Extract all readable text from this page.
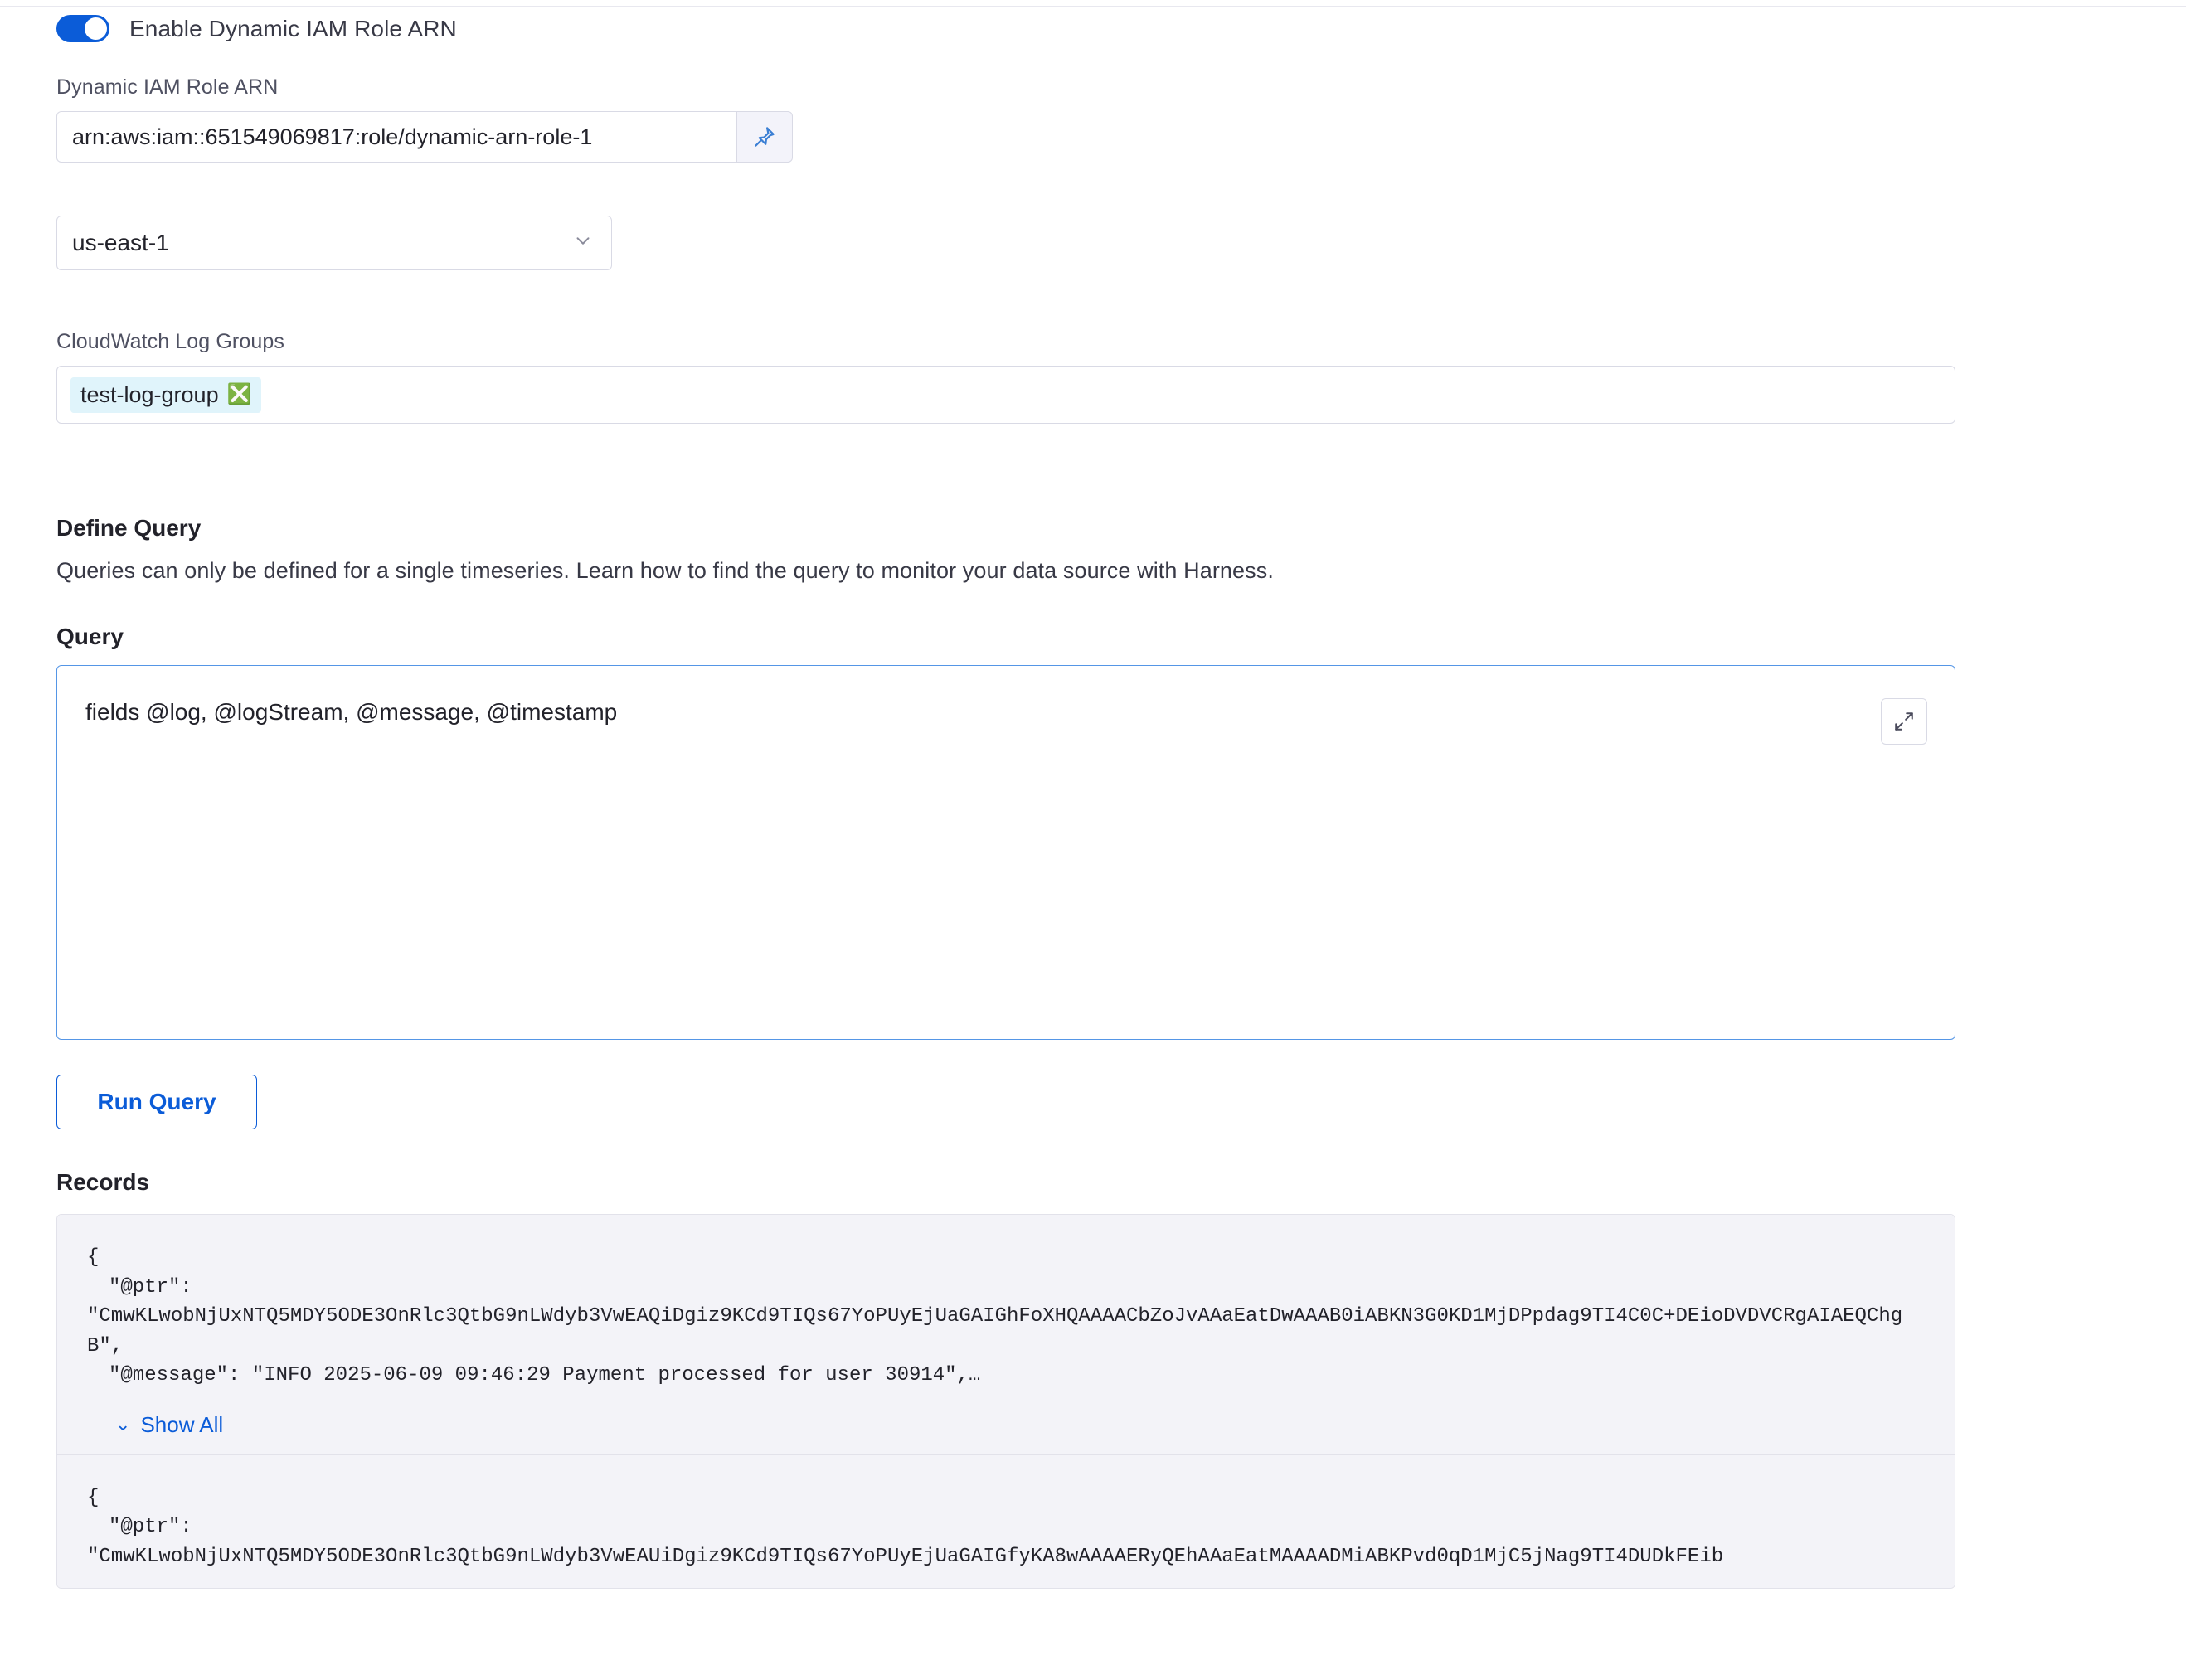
Enable Dynamic IAM Role ARN
Dynamic IAM Role ARN
arn:aws:iam::651549069817:role/dynamic-arn-role-1
us-east-1
CloudWatch Log Groups
test-log-group ❎
Define Query
Queries can only be defined for a single timeseries. Learn how to find the query to monitor your data source with Harness.
Query
fields @log, @logStream, @message, @timestamp
Run Query
Records
{
"@ptr":
"CmwKLwobNjUxNTQ5MDY5ODE3OnRlc3QtbG9nLWdyb3VwEAQiDgiz9KCd9TIQs67YoPUyEjUaGAIGhFoXHQAAAACbZoJvAAaEatDwAAAB0iABKN3G0KD1MjDPpdag9TI4C0C+DEioDVDVCRgAIAEQChgB",
"@message": "INFO 2025-06-09 09:46:29 Payment processed for user 30914",…
⌄ Show All
{
"@ptr":
"CmwKLwobNjUxNTQ5MDY5ODE3OnRlc3QtbG9nLWdyb3VwEAUiDgiz9KCd9TIQs67YoPUyEjUaGAIGfyKA8wAAAAERyQEhAAaEatMAAAADMiABKPvd0qD1MjC5jNag9TI4DUDkFEib
